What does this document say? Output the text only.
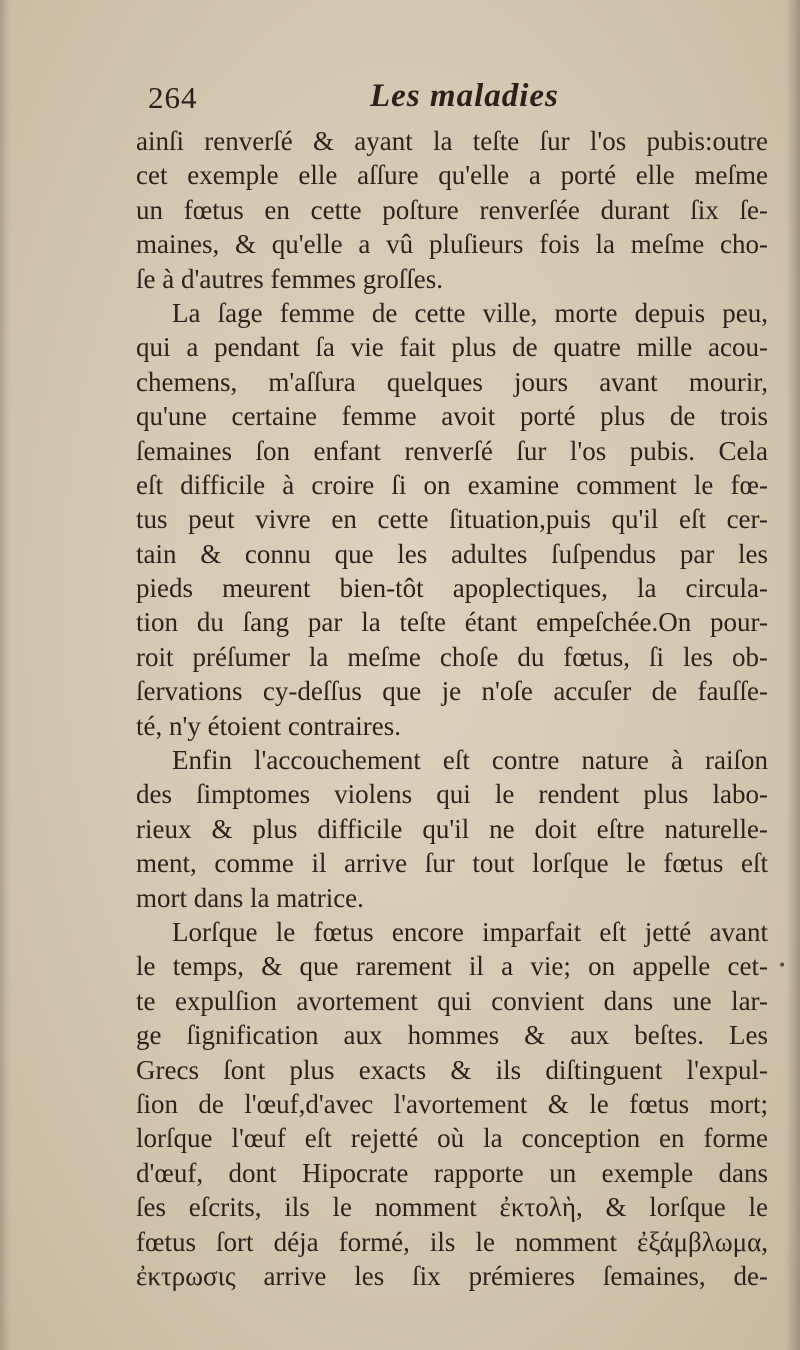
264	Les maladies
ainſi renverſé & ayant la teſte ſur l'os pubis:outre
cet exemple elle aſſure qu'elle a porté elle meſme
un fœtus en cette poſture renverſée durant ſix ſe-
maines, & qu'elle a vû pluſieurs fois la meſme cho-
ſe à d'autres femmes groſſes.
La ſage femme de cette ville, morte depuis peu,
qui a pendant ſa vie fait plus de quatre mille acou-
chemens, m'aſſura quelques jours avant mourir,
qu'une certaine femme avoit porté plus de trois
ſemaines ſon enfant renverſé ſur l'os pubis. Cela
eſt difficile à croire ſi on examine comment le fœ-
tus peut vivre en cette ſituation,puis qu'il eſt cer-
tain & connu que les adultes ſuſpendus par les
pieds meurent bien-tôt apoplectiques, la circula-
tion du ſang par la teſte étant empeſchée.On pour-
roit préſumer la meſme choſe du fœtus, ſi les ob-
ſervations cy-deſſus que je n'oſe accuſer de fauſſe-
té, n'y étoient contraires.
Enfin l'accouchement eſt contre nature à raiſon
des ſimptomes violens qui le rendent plus labo-
rieux & plus difficile qu'il ne doit eſtre naturelle-
ment, comme il arrive ſur tout lorſque le fœtus eſt
mort dans la matrice.
Lorſque le fœtus encore imparfait eſt jetté avant
le temps, & que rarement il a vie; on appelle cet-
te expulſion avortement qui convient dans une lar-
ge ſignification aux hommes & aux beſtes. Les
Grecs ſont plus exacts & ils diſtinguent l'expul-
ſion de l'œuf,d'avec l'avortement & le fœtus mort;
lorſque l'œuf eſt rejetté où la conception en forme
d'œuf, dont Hipocrate rapporte un exemple dans
ſes eſcrits, ils le nomment ἐκτολὴ, & lorſque le
fœtus ſort déja formé, ils le nomment ἐξάμβλωμα,
ἐκτρωσις arrive les ſix prémieres ſemaines, de-
•
